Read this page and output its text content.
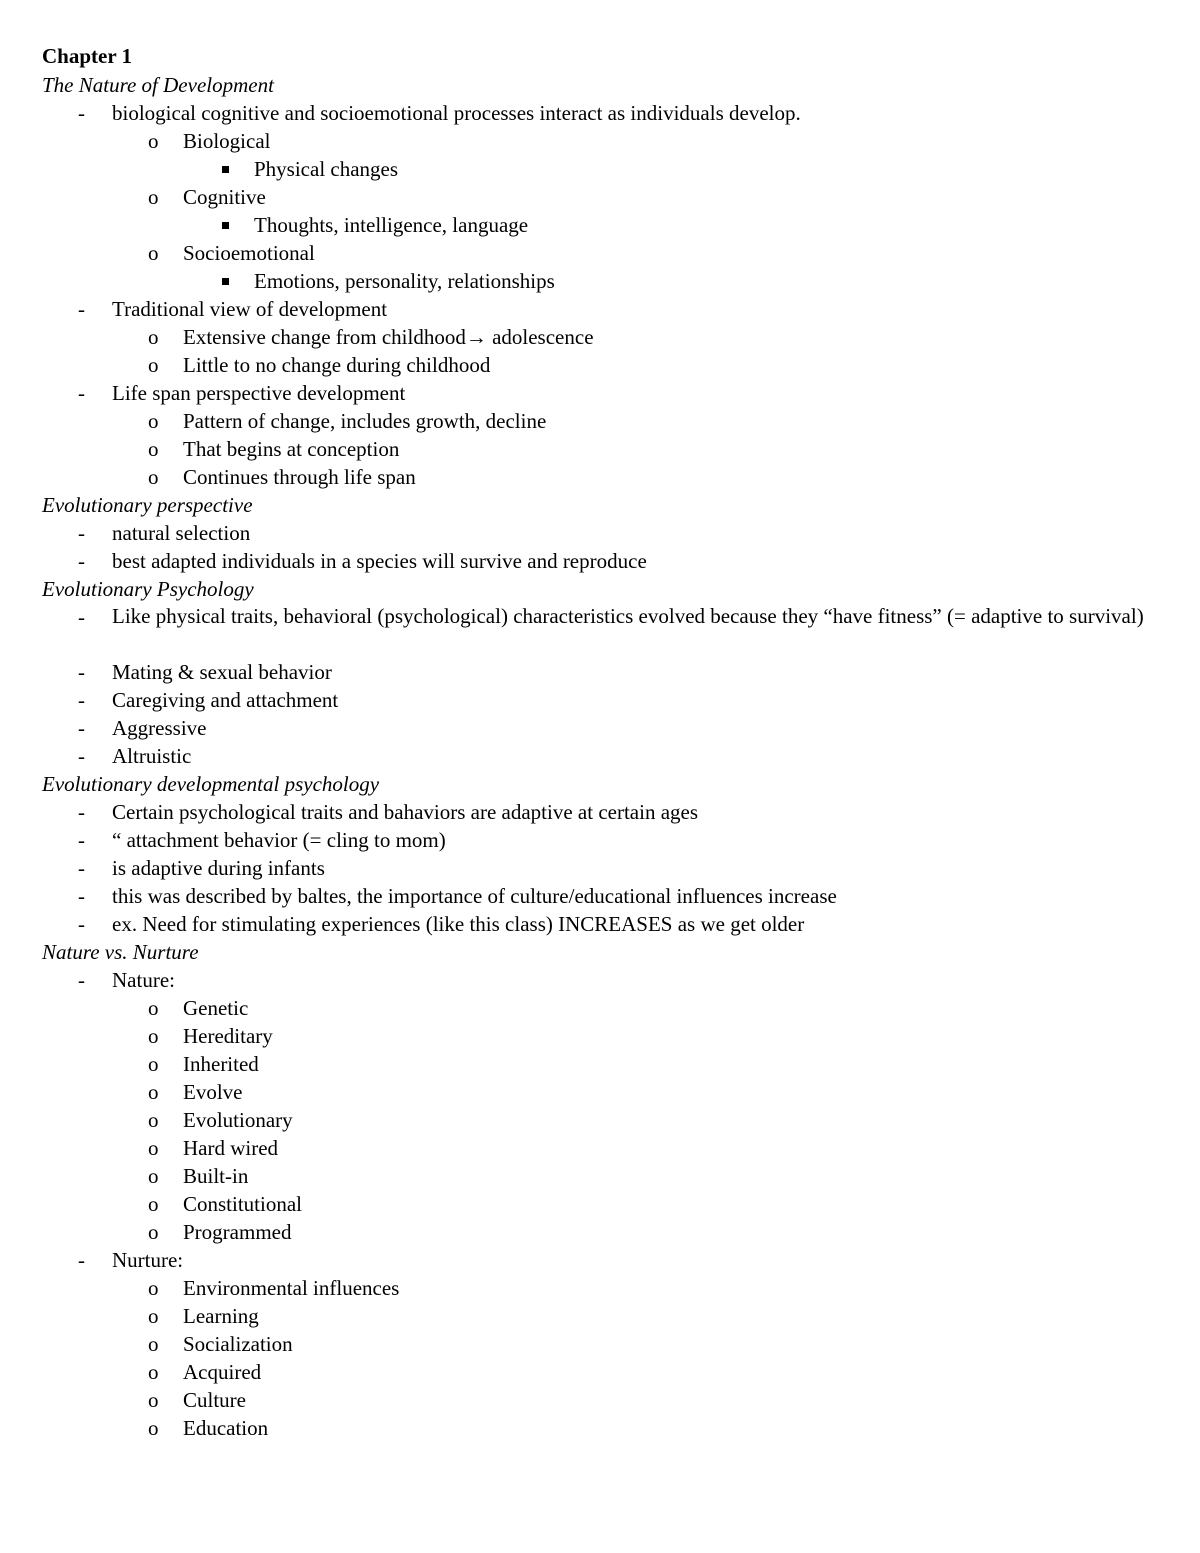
Chapter 1
The Nature of Development
- biological cognitive and socioemotional processes interact as individuals develop.
o Biological
Physical changes
o Cognitive
Thoughts, intelligence, language
o Socioemotional
Emotions, personality, relationships
- Traditional view of development
o Extensive change from childhood→ adolescence
o Little to no change during childhood
- Life span perspective development
o Pattern of change, includes growth, decline
o That begins at conception
o Continues through life span
Evolutionary perspective
- natural selection
- best adapted individuals in a species will survive and reproduce
Evolutionary Psychology
- Like physical traits, behavioral (psychological) characteristics evolved because they “have fitness” (= adaptive to survival)
- Mating & sexual behavior
- Caregiving and attachment
- Aggressive
- Altruistic
Evolutionary developmental psychology
- Certain psychological traits and bahaviors are adaptive at certain ages
- “ attachment behavior (= cling to mom)
- is adaptive during infants
- this was described by baltes, the importance of culture/educational influences increase
- ex. Need for stimulating experiences (like this class) INCREASES as we get older
Nature vs. Nurture
- Nature:
o Genetic
o Hereditary
o Inherited
o Evolve
o Evolutionary
o Hard wired
o Built-in
o Constitutional
o Programmed
- Nurture:
o Environmental influences
o Learning
o Socialization
o Acquired
o Culture
o Education
